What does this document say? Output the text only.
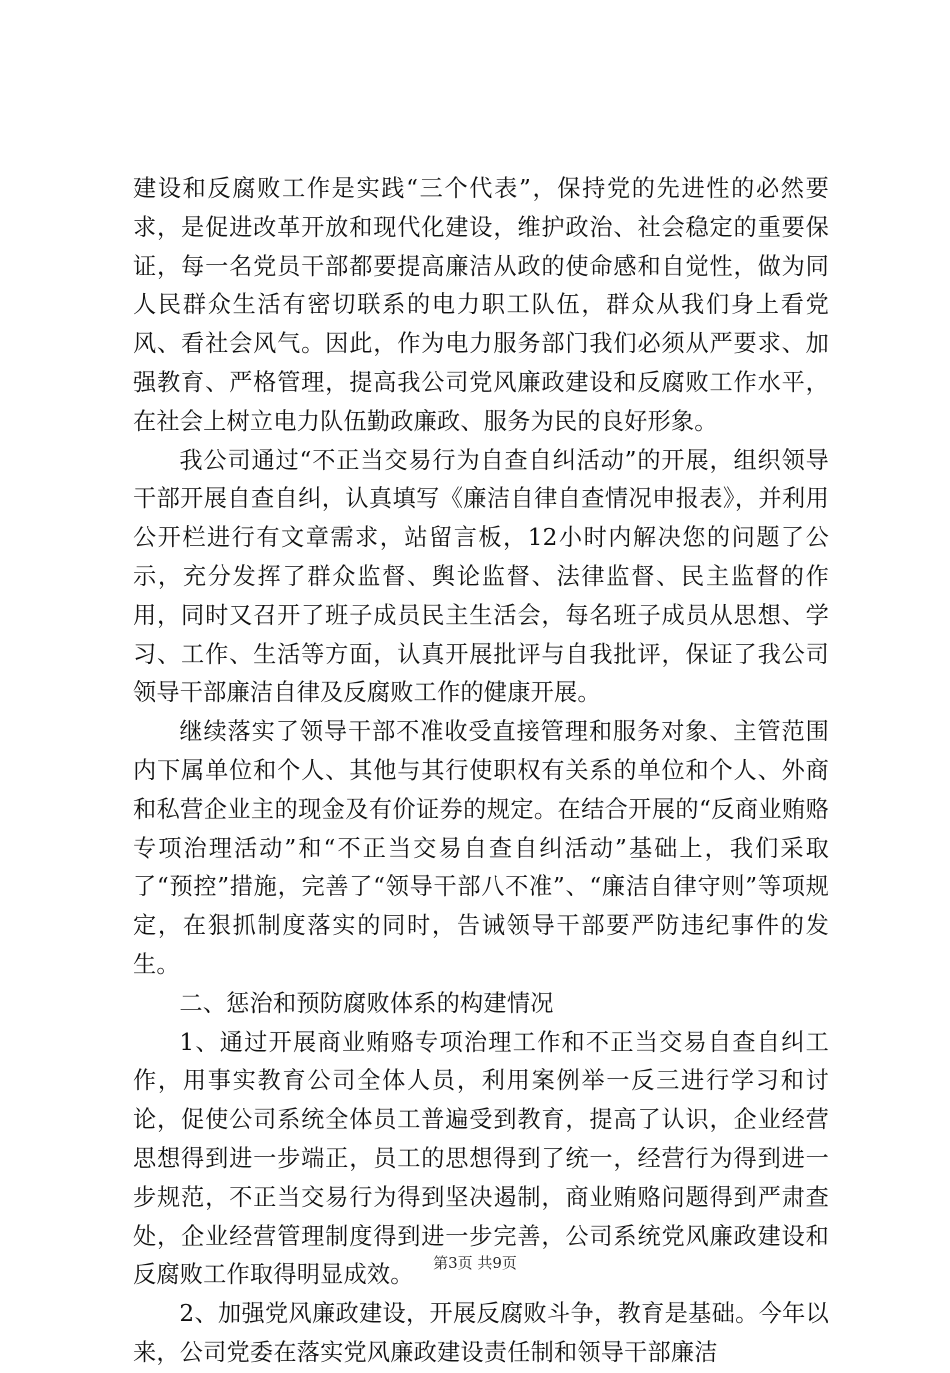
建设和反腐败工作是实践“三个代表”，保持党的先进性的必然要求，是促进改革开放和现代化建设，维护政治、社会稳定的重要保证，每一名党员干部都要提高廉洁从政的使命感和自觉性，做为同人民群众生活有密切联系的电力职工队伍，群众从我们身上看党风、看社会风气。因此，作为电力服务部门我们必须从严要求、加强教育、严格管理，提高我公司党风廉政建设和反腐败工作水平，在社会上树立电力队伍勤政廉政、服务为民的良好形象。

我公司通过“不正当交易行为自查自纠活动”的开展，组织领导干部开展自查自纠，认真填写《廉洁自律自查情况申报表》，并利用公开栏进行有文章需求，站留言板，12小时内解决您的问题了公示，充分发挥了群众监督、舆论监督、法律监督、民主监督的作用，同时又召开了班子成员民主生活会，每名班子成员从思想、学习、工作、生活等方面，认真开展批评与自我批评，保证了我公司领导干部廉洁自律及反腐败工作的健康开展。

继续落实了领导干部不准收受直接管理和服务对象、主管范围内下属单位和个人、其他与其行使职权有关系的单位和个人、外商和私营企业主的现金及有价证券的规定。在结合开展的“反商业贿赂专项治理活动”和“不正当交易自查自纠活动”基础上，我们采取了“预控”措施，完善了“领导干部八不准”、“廉洁自律守则”等项规定，在狠抓制度落实的同时，告诫领导干部要严防违纪事件的发生。

二、惩治和预防腐败体系的构建情况

1、通过开展商业贿赂专项治理工作和不正当交易自查自纠工作，用事实教育公司全体人员，利用案例举一反三进行学习和讨论，促使公司系统全体员工普遍受到教育，提高了认识，企业经营思想得到进一步端正，员工的思想得到了统一，经营行为得到进一步规范，不正当交易行为得到坚决遏制，商业贿赂问题得到严肃查处，企业经营管理制度得到进一步完善，公司系统党风廉政建设和反腐败工作取得明显成效。

2、加强党风廉政建设，开展反腐败斗争，教育是基础。今年以来，公司党委在落实党风廉政建设责任制和领导干部廉洁

第3页 共9页
